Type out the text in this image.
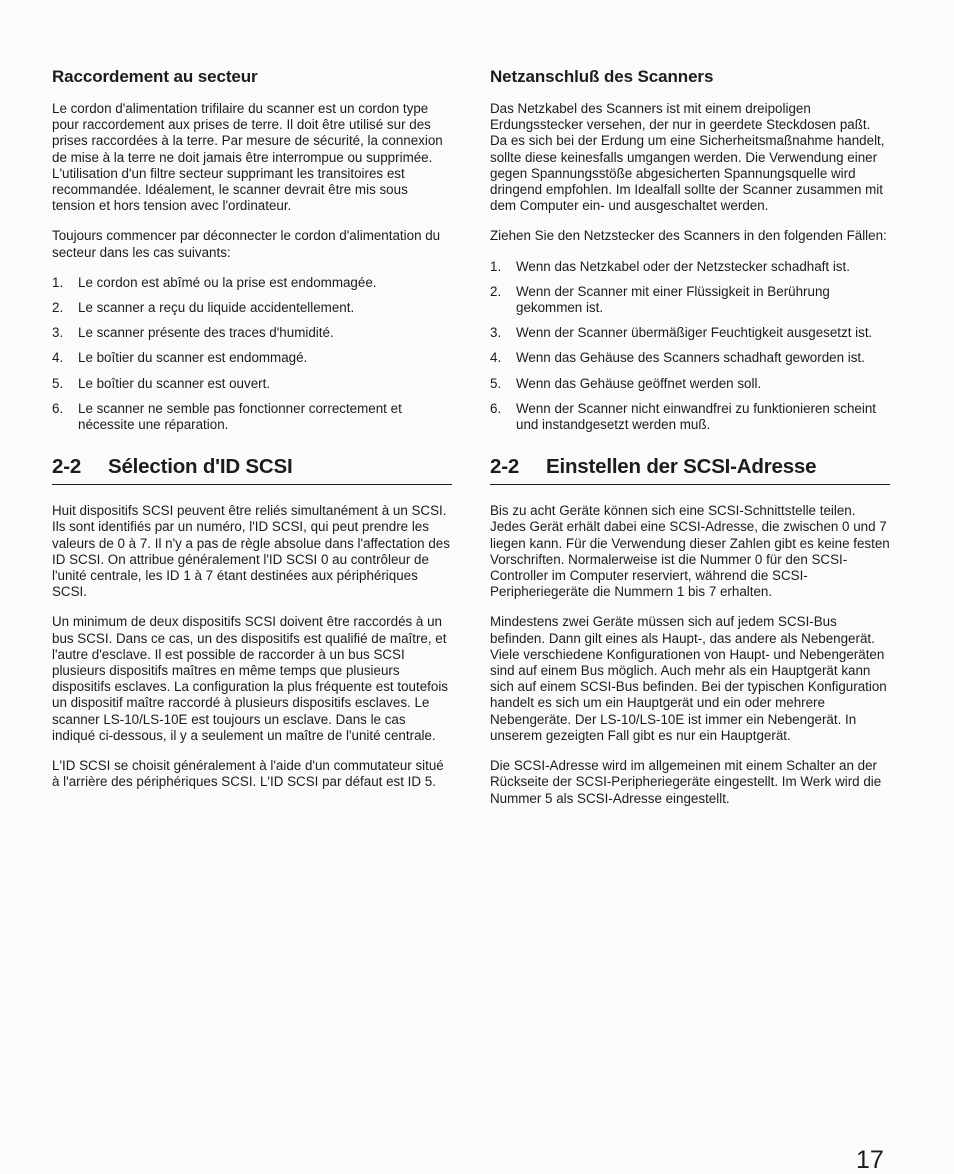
Raccordement au secteur

Le cordon d'alimentation trifilaire du scanner est un cordon type pour raccordement aux prises de terre. Il doit être utilisé sur des prises raccordées à la terre. Par mesure de sécurité, la connexion de mise à la terre ne doit jamais être interrompue ou supprimée. L'utilisation d'un filtre secteur supprimant les transitoires est recommandée. Idéalement, le scanner devrait être mis sous tension et hors tension avec l'ordinateur.

Toujours commencer par déconnecter le cordon d'alimentation du secteur dans les cas suivants:

1.	Le cordon est abîmé ou la prise est endommagée.
2.	Le scanner a reçu du liquide accidentellement.
3.	Le scanner présente des traces d'humidité.
4.	Le boîtier du scanner est endommagé.
5.	Le boîtier du scanner est ouvert.
6.	Le scanner ne semble pas fonctionner correctement et nécessite une réparation.
2-2	Sélection d'ID SCSI

Huit dispositifs SCSI peuvent être reliés simultanément à un SCSI. Ils sont identifiés par un numéro, l'ID SCSI, qui peut prendre les valeurs de 0 à 7. Il n'y a pas de règle absolue dans l'affectation des ID SCSI. On attribue généralement l'ID SCSI 0 au contrôleur de l'unité centrale, les ID 1 à 7 étant destinées aux périphériques SCSI.

Un minimum de deux dispositifs SCSI doivent être raccordés à un bus SCSI. Dans ce cas, un des dispositifs est qualifié de maître, et l'autre d'esclave. Il est possible de raccorder à un bus SCSI plusieurs dispositifs maîtres en même temps que plusieurs dispositifs esclaves. La configuration la plus fréquente est toutefois un dispositif maître raccordé à plusieurs dispositifs esclaves. Le scanner LS-10/LS-10E est toujours un esclave. Dans le cas indiqué ci-dessous, il y a seulement un maître de l'unité centrale.

L'ID SCSI se choisit généralement à l'aide d'un commutateur situé à l'arrière des périphériques SCSI. L'ID SCSI par défaut est ID 5.

Netzanschluß des Scanners

Das Netzkabel des Scanners ist mit einem dreipoligen Erdungsstecker versehen, der nur in geerdete Steckdosen paßt. Da es sich bei der Erdung um eine Sicherheitsmaßnahme handelt, sollte diese keinesfalls umgangen werden. Die Verwendung einer gegen Spannungsstöße abgesicherten Spannungsquelle wird dringend empfohlen. Im Idealfall sollte der Scanner zusammen mit dem Computer ein- und ausgeschaltet werden.

Ziehen Sie den Netzstecker des Scanners in den folgenden Fällen:

1.	Wenn das Netzkabel oder der Netzstecker schadhaft ist.
2.	Wenn der Scanner mit einer Flüssigkeit in Berührung gekommen ist.
3.	Wenn der Scanner übermäßiger Feuchtigkeit ausgesetzt ist.
4.	Wenn das Gehäuse des Scanners schadhaft geworden ist.
5.	Wenn das Gehäuse geöffnet werden soll.
6.	Wenn der Scanner nicht einwandfrei zu funktionieren scheint und instandgesetzt werden muß.
2-2	Einstellen der SCSI-Adresse

Bis zu acht Geräte können sich eine SCSI-Schnittstelle teilen. Jedes Gerät erhält dabei eine SCSI-Adresse, die zwischen 0 und 7 liegen kann. Für die Verwendung dieser Zahlen gibt es keine festen Vorschriften. Normalerweise ist die Nummer 0 für den SCSI-Controller im Computer reserviert, während die SCSI-Peripheriegeräte die Nummern 1 bis 7 erhalten.

Mindestens zwei Geräte müssen sich auf jedem SCSI-Bus befinden. Dann gilt eines als Haupt-, das andere als Nebengerät. Viele verschiedene Konfigurationen von Haupt- und Nebengeräten sind auf einem Bus möglich. Auch mehr als ein Hauptgerät kann sich auf einem SCSI-Bus befinden. Bei der typischen Konfiguration handelt es sich um ein Hauptgerät und ein oder mehrere Nebengeräte. Der LS-10/LS-10E ist immer ein Nebengerät. In unserem gezeigten Fall gibt es nur ein Hauptgerät.

Die SCSI-Adresse wird im allgemeinen mit einem Schalter an der Rückseite der SCSI-Peripheriegeräte eingestellt. Im Werk wird die Nummer 5 als SCSI-Adresse eingestellt.

17
